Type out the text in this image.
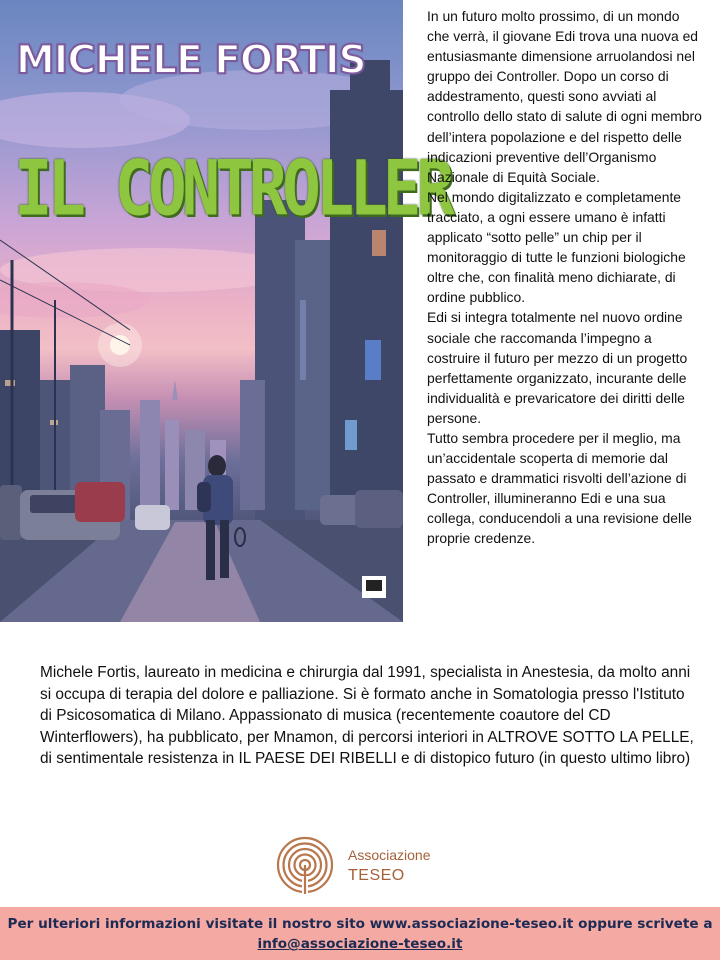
MICHELE FORTIS
IL CONTROLLER

In un futuro molto prossimo, di un mondo che verrà, il giovane Edi trova una nuova ed entusiasmante dimensione arruolandosi nel gruppo dei Controller. Dopo un corso di addestramento, questi sono avviati al controllo dello stato di salute di ogni membro dell’intera popolazione e del rispetto delle indicazioni preventive dell’Organismo Nazionale di Equità Sociale.

Nel mondo digitalizzato e completamente tracciato, a ogni essere umano è infatti applicato “sotto pelle” un chip per il monitoraggio di tutte le funzioni biologiche oltre che, con finalità meno dichiarate, di ordine pubblico.

Edi si integra totalmente nel nuovo ordine sociale che raccomanda l’impegno a costruire il futuro per mezzo di un progetto perfettamente organizzato, incurante delle individualità e prevaricatore dei diritti delle persone.

Tutto sembra procedere per il meglio, ma un’accidentale scoperta di memorie dal passato e drammatici risvolti dell’azione di Controller, illumineranno Edi e una sua collega, conducendoli a una revisione delle proprie credenze.

Michele Fortis, laureato in medicina e chirurgia dal 1991, specialista in Anestesia, da molto anni si occupa di terapia del dolore e palliazione. Si è formato anche in Somatologia presso l'Istituto di Psicosomatica di Milano. Appassionato di musica (recentemente coautore del CD Winterflowers), ha pubblicato, per Mnamon, di percorsi interiori in ALTROVE SOTTO LA PELLE, di sentimentale resistenza in IL PAESE DEI RIBELLI e di distopico futuro (in questo ultimo libro)
Associazione
TESEO
Per ulteriori informazioni visitate il nostro sito www.associazione-teseo.it oppure scrivete a
info@associazione-teseo.it
